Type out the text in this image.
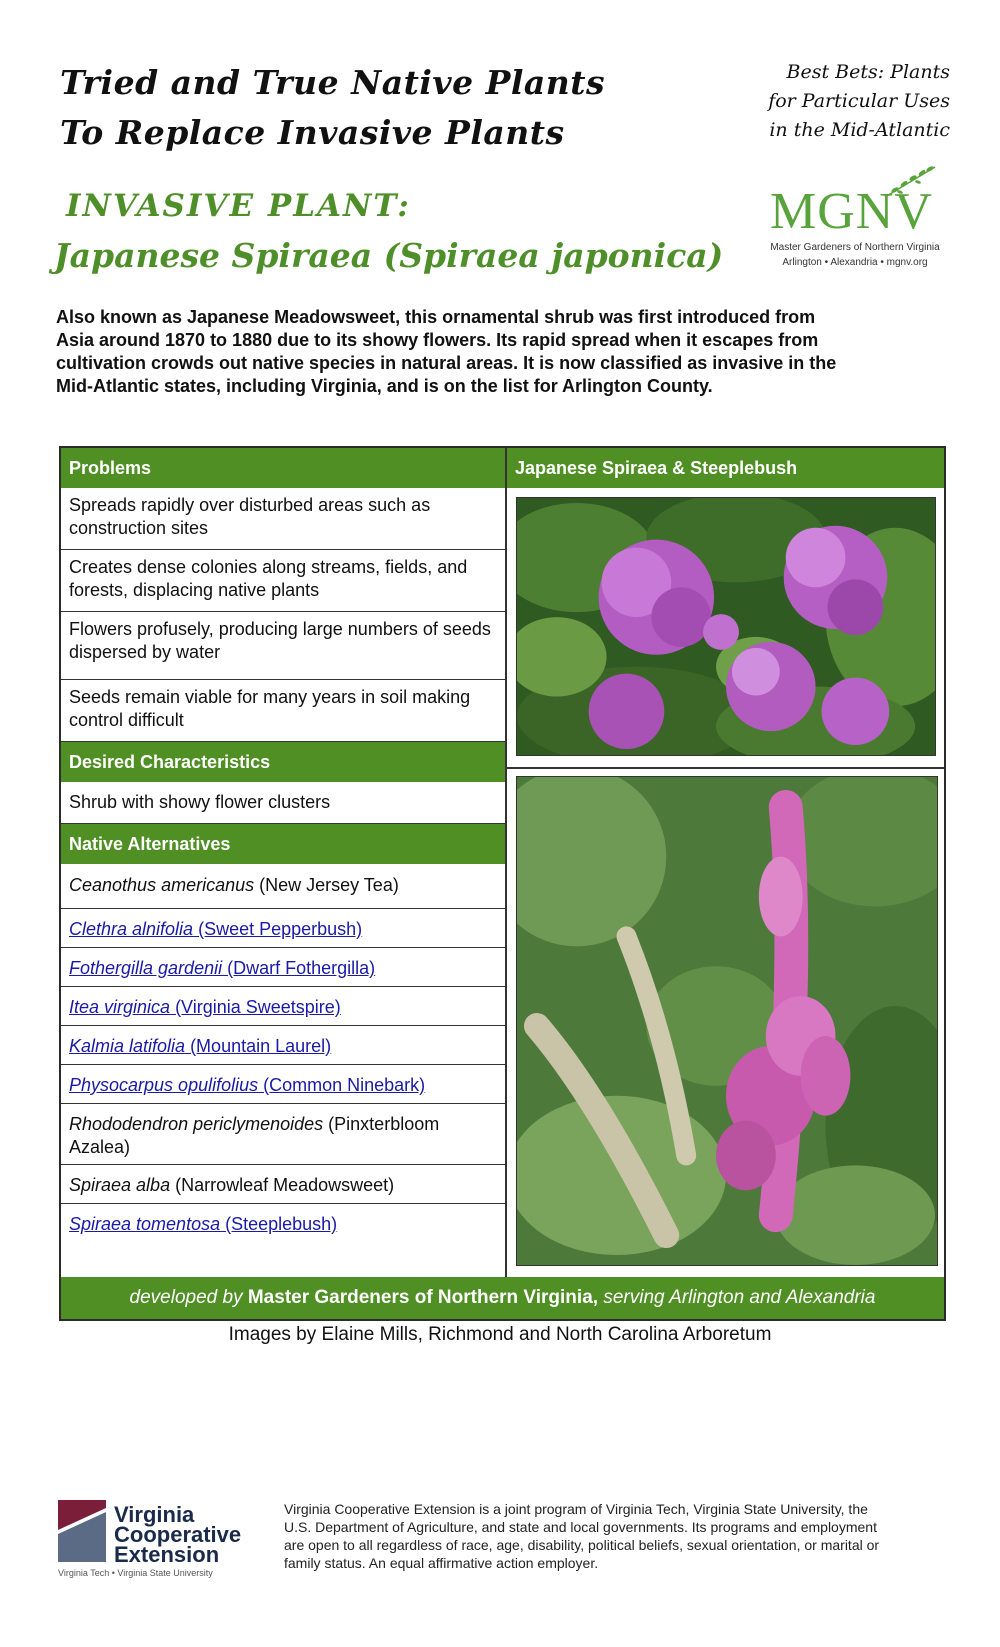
Tried and True Native Plants
To Replace Invasive Plants
Best Bets: Plants
for Particular Uses
in the Mid-Atlantic
INVASIVE PLANT:
Japanese Spiraea (Spiraea japonica)
MGNV
Master Gardeners of Northern Virginia
Arlington • Alexandria • mgnv.org
Also known as Japanese Meadowsweet, this ornamental shrub was first introduced from Asia around 1870 to 1880 due to its showy flowers. Its rapid spread when it escapes from cultivation crowds out native species in natural areas. It is now classified as invasive in the Mid-Atlantic states, including Virginia, and is on the list for Arlington County.
Problems	Japanese Spiraea & Steeplebush
Spreads rapidly over disturbed areas such as construction sites
Creates dense colonies along streams, fields, and forests, displacing native plants
Flowers profusely, producing large numbers of seeds dispersed by water
Seeds remain viable for many years in soil making control difficult
Desired Characteristics
Shrub with showy flower clusters
Native Alternatives
Ceanothus americanus (New Jersey Tea)
Clethra alnifolia (Sweet Pepperbush)
Fothergilla gardenii (Dwarf Fothergilla)
Itea virginica (Virginia Sweetspire)
Kalmia latifolia (Mountain Laurel)
Physocarpus opulifolius (Common Ninebark)
Rhododendron periclymenoides (Pinxterbloom Azalea)
Spiraea alba (Narrowleaf Meadowsweet)
Spiraea tomentosa (Steeplebush)
developed by Master Gardeners of Northern Virginia, serving Arlington and Alexandria
Images by Elaine Mills, Richmond and North Carolina Arboretum
Virginia
Cooperative
Extension
Virginia Tech • Virginia State University
Virginia Cooperative Extension is a joint program of Virginia Tech, Virginia State University, the U.S. Department of Agriculture, and state and local governments. Its programs and employment are open to all regardless of race, age, disability, political beliefs, sexual orientation, or marital or family status. An equal affirmative action employer.
